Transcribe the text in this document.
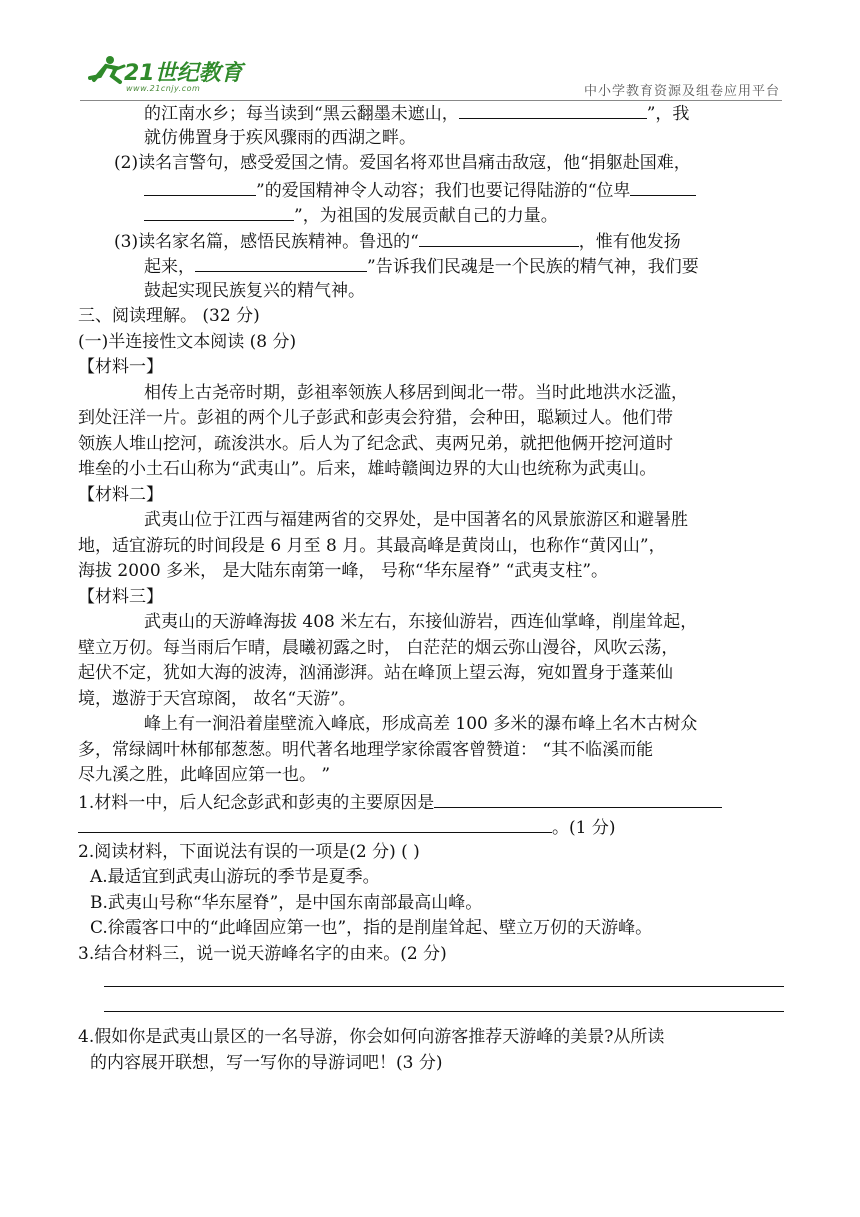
21世纪教育
www.21cnjy.com	中小学教育资源及组卷应用平台
的江南水乡；每当读到“黑云翻墨未遮山，	”，我
就仿佛置身于疾风骤雨的西湖之畔。
(2)读名言警句，感受爱国之情。爱国名将邓世昌痛击敌寇，他“捐躯赴国难，
”的爱国精神令人动容；我们也要记得陆游的“位卑
”，为祖国的发展贡献自己的力量。
(3)读名家名篇，感悟民族精神。鲁迅的“	，惟有他发扬
起来，	”告诉我们民魂是一个民族的精气神，我们要
鼓起实现民族复兴的精气神。
三、阅读理解。 (32 分)
(一)半连接性文本阅读 (8 分)
【材料一】
相传上古尧帝时期，彭祖率领族人移居到闽北一带。当时此地洪水泛滥，
到处汪洋一片。彭祖的两个儿子彭武和彭夷会狩猎，会种田，聪颖过人。他们带
领族人堆山挖河，疏浚洪水。后人为了纪念武、夷两兄弟，就把他俩开挖河道时
堆垒的小土石山称为“武夷山”。后来，雄峙赣闽边界的大山也统称为武夷山。
【材料二】
武夷山位于江西与福建两省的交界处，是中国著名的风景旅游区和避暑胜
地，适宜游玩的时间段是 6 月至 8 月。其最高峰是黄岗山，也称作“黄冈山”，
海拔 2000 多米， 是大陆东南第一峰， 号称“华东屋脊” “武夷支柱”。
【材料三】
武夷山的天游峰海拔 408 米左右，东接仙游岩，西连仙掌峰，削崖耸起，
壁立万仞。每当雨后乍晴，晨曦初露之时， 白茫茫的烟云弥山漫谷，风吹云荡，
起伏不定，犹如大海的波涛，汹涌澎湃。站在峰顶上望云海，宛如置身于蓬莱仙
境，遨游于天宫琼阁， 故名“天游”。
峰上有一涧沿着崖壁流入峰底，形成高差 100 多米的瀑布峰上名木古树众
多，常绿阔叶林郁郁葱葱。明代著名地理学家徐霞客曾赞道： “其不临溪而能
尽九溪之胜，此峰固应第一也。 ”
1.材料一中，后人纪念彭武和彭夷的主要原因是
。(1 分)
2.阅读材料，下面说法有误的一项是(2 分) ( )
A.最适宜到武夷山游玩的季节是夏季。
B.武夷山号称“华东屋脊”，是中国东南部最高山峰。
C.徐霞客口中的“此峰固应第一也”，指的是削崖耸起、壁立万仞的天游峰。
3.结合材料三，说一说天游峰名字的由来。(2 分)
4.假如你是武夷山景区的一名导游，你会如何向游客推荐天游峰的美景?从所读
的内容展开联想，写一写你的导游词吧！(3 分)
